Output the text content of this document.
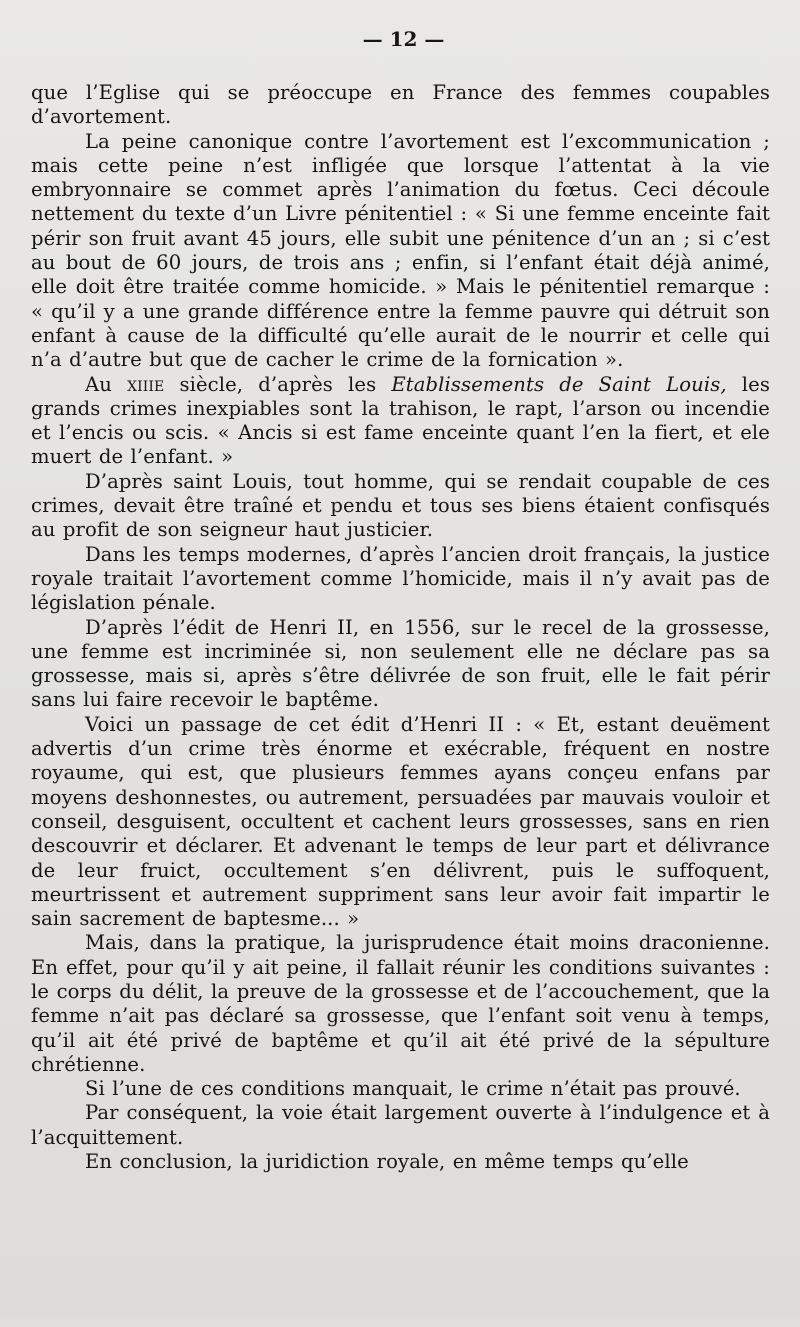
— 12 —

que l’Eglise qui se préoccupe en France des femmes coupables d’avortement.

La peine canonique contre l’avortement est l’excommunication ; mais cette peine n’est infligée que lorsque l’attentat à la vie embryonnaire se commet après l’animation du fœtus. Ceci découle nettement du texte d’un Livre pénitentiel : « Si une femme enceinte fait périr son fruit avant 45 jours, elle subit une pénitence d’un an ; si c’est au bout de 60 jours, de trois ans ; enfin, si l’enfant était déjà animé, elle doit être traitée comme homicide. » Mais le pénitentiel remarque : « qu’il y a une grande différence entre la femme pauvre qui détruit son enfant à cause de la difficulté qu’elle aurait de le nourrir et celle qui n’a d’autre but que de cacher le crime de la fornication ».

Au xiiie siècle, d’après les Etablissements de Saint Louis, les grands crimes inexpiables sont la trahison, le rapt, l’arson ou incendie et l’encis ou scis. « Ancis si est fame enceinte quant l’en la fiert, et ele muert de l’enfant. »

D’après saint Louis, tout homme, qui se rendait coupable de ces crimes, devait être traîné et pendu et tous ses biens étaient confisqués au profit de son seigneur haut justicier.

Dans les temps modernes, d’après l’ancien droit français, la justice royale traitait l’avortement comme l’homicide, mais il n’y avait pas de législation pénale.

D’après l’édit de Henri II, en 1556, sur le recel de la grossesse, une femme est incriminée si, non seulement elle ne déclare pas sa grossesse, mais si, après s’être délivrée de son fruit, elle le fait périr sans lui faire recevoir le baptême.

Voici un passage de cet édit d’Henri II : « Et, estant deuëment advertis d’un crime très énorme et exécrable, fréquent en nostre royaume, qui est, que plusieurs femmes ayans conçeu enfans par moyens deshonnestes, ou autrement, persuadées par mauvais vouloir et conseil, desguisent, occultent et cachent leurs grossesses, sans en rien descouvrir et déclarer. Et advenant le temps de leur part et délivrance de leur fruict, occultement s’en délivrent, puis le suffoquent, meurtrissent et autrement suppriment sans leur avoir fait impartir le sain sacrement de baptesme... »

Mais, dans la pratique, la jurisprudence était moins draconienne. En effet, pour qu’il y ait peine, il fallait réunir les conditions suivantes : le corps du délit, la preuve de la grossesse et de l’accouchement, que la femme n’ait pas déclaré sa grossesse, que l’enfant soit venu à temps, qu’il ait été privé de baptême et qu’il ait été privé de la sépulture chrétienne.

Si l’une de ces conditions manquait, le crime n’était pas prouvé.

Par conséquent, la voie était largement ouverte à l’indulgence et à l’acquittement.

En conclusion, la juridiction royale, en même temps qu’elle
